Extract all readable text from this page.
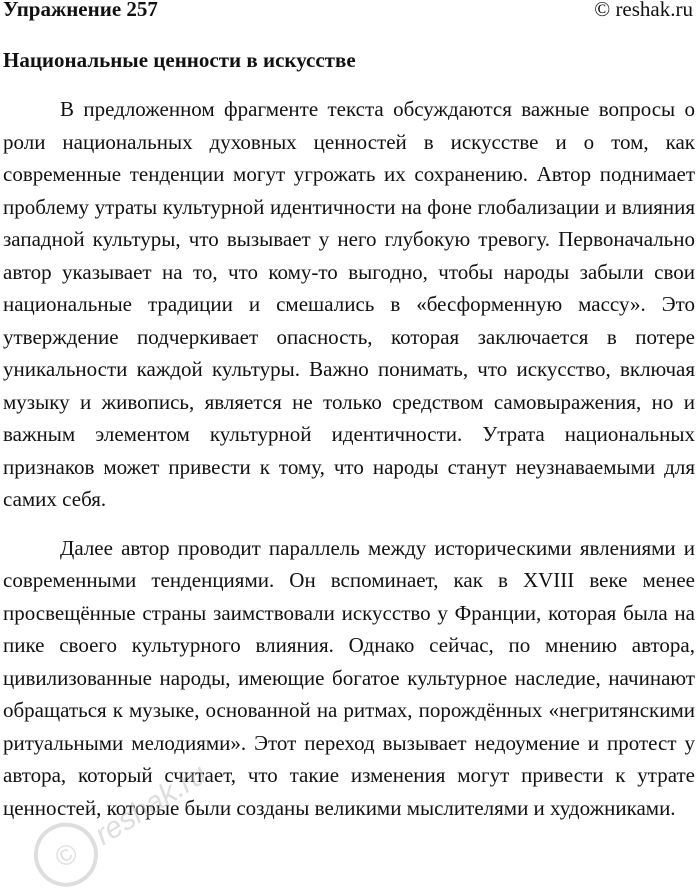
Упражнение 257	© reshak.ru

Национальные ценности в искусстве

В предложенном фрагменте текста обсуждаются важные вопросы о роли национальных духовных ценностей в искусстве и о том, как современные тенденции могут угрожать их сохранению. Автор поднимает проблему утраты культурной идентичности на фоне глобализации и влияния западной культуры, что вызывает у него глубокую тревогу. Первоначально автор указывает на то, что кому-то выгодно, чтобы народы забыли свои национальные традиции и смешались в «бесформенную массу». Это утверждение подчеркивает опасность, которая заключается в потере уникальности каждой культуры. Важно понимать, что искусство, включая музыку и живопись, является не только средством самовыражения, но и важным элементом культурной идентичности. Утрата национальных признаков может привести к тому, что народы станут неузнаваемыми для самих себя.

Далее автор проводит параллель между историческими явлениями и современными тенденциями. Он вспоминает, как в XVIII веке менее просвещённые страны заимствовали искусство у Франции, которая была на пике своего культурного влияния. Однако сейчас, по мнению автора, цивилизованные народы, имеющие богатое культурное наследие, начинают обращаться к музыке, основанной на ритмах, порождённых «негритянскими ритуальными мелодиями». Этот переход вызывает недоумение и протест у автора, который считает, что такие изменения могут привести к утрате ценностей, которые были созданы великими мыслителями и художниками.

©
reshak.ru
